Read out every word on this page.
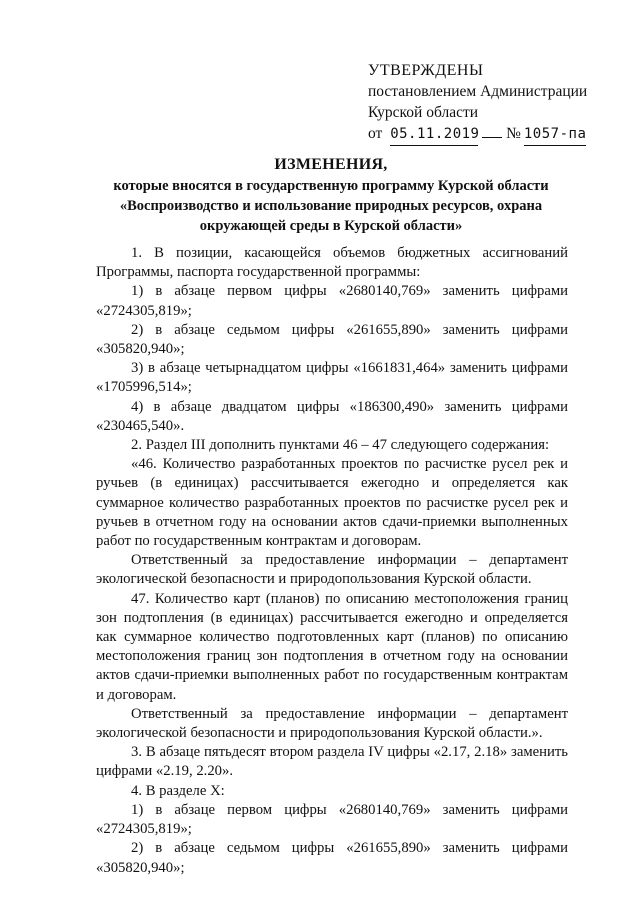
УТВЕРЖДЕНЫ
постановлением Администрации
Курской области
от 05.11.2019 № 1057-па
ИЗМЕНЕНИЯ,
которые вносятся в государственную программу Курской области «Воспроизводство и использование природных ресурсов, охрана окружающей среды в Курской области»

1. В позиции, касающейся объемов бюджетных ассигнований Программы, паспорта государственной программы:

1) в абзаце первом цифры «2680140,769» заменить цифрами «2724305,819»;

2) в абзаце седьмом цифры «261655,890» заменить цифрами «305820,940»;

3) в абзаце четырнадцатом цифры «1661831,464» заменить цифрами «1705996,514»;

4) в абзаце двадцатом цифры «186300,490» заменить цифрами «230465,540».

2. Раздел III дополнить пунктами 46 – 47 следующего содержания:

«46. Количество разработанных проектов по расчистке русел рек и ручьев (в единицах) рассчитывается ежегодно и определяется как суммарное количество разработанных проектов по расчистке русел рек и ручьев в отчетном году на основании актов сдачи-приемки выполненных работ по государственным контрактам и договорам.

Ответственный за предоставление информации – департамент экологической безопасности и природопользования Курской области.

47. Количество карт (планов) по описанию местоположения границ зон подтопления (в единицах) рассчитывается ежегодно и определяется как суммарное количество подготовленных карт (планов) по описанию местоположения границ зон подтопления в отчетном году на основании актов сдачи-приемки выполненных работ по государственным контрактам и договорам.

Ответственный за предоставление информации – департамент экологической безопасности и природопользования Курской области.».

3. В абзаце пятьдесят втором раздела IV цифры «2.17, 2.18» заменить цифрами «2.19, 2.20».

4. В разделе X:

1) в абзаце первом цифры «2680140,769» заменить цифрами «2724305,819»;

2) в абзаце седьмом цифры «261655,890» заменить цифрами «305820,940»;
